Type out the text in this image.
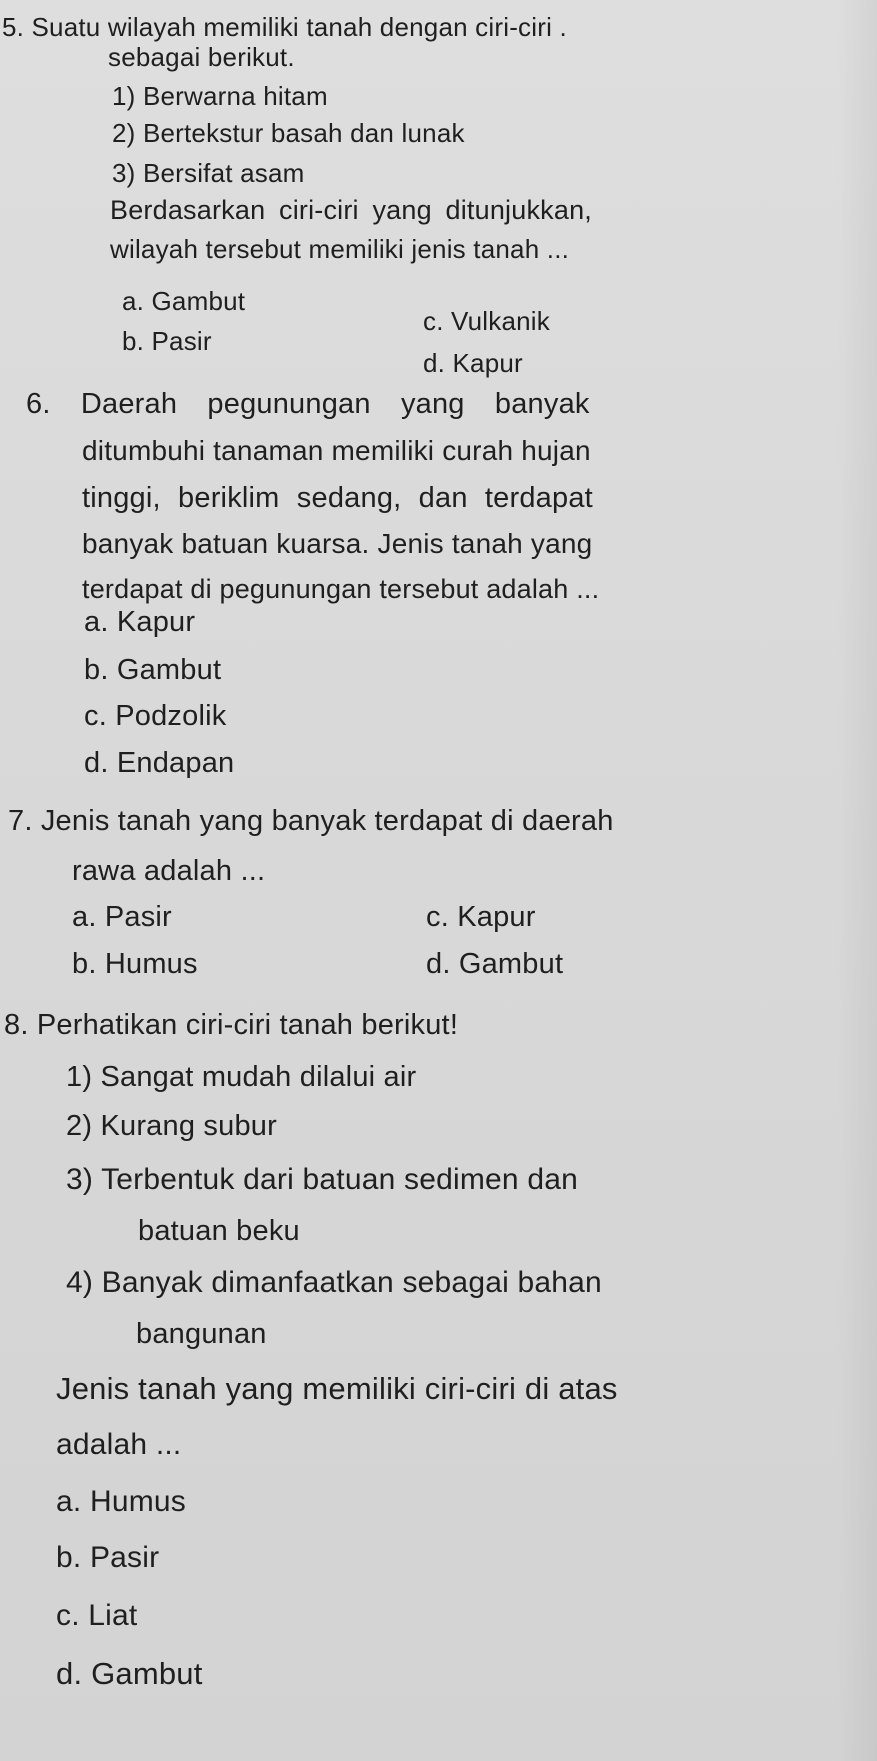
5. Suatu wilayah memiliki tanah dengan ciri-ciri .
sebagai berikut.
1) Berwarna hitam
2) Bertekstur basah dan lunak
3) Bersifat asam
Berdasarkan ciri-ciri yang ditunjukkan,
wilayah tersebut memiliki jenis tanah ...
a. Gambut
c. Vulkanik
b. Pasir
d. Kapur
6. Daerah pegunungan yang banyak
ditumbuhi tanaman memiliki curah hujan
tinggi, beriklim sedang, dan terdapat
banyak batuan kuarsa. Jenis tanah yang
terdapat di pegunungan tersebut adalah ...
a. Kapur
b. Gambut
c. Podzolik
d. Endapan
7. Jenis tanah yang banyak terdapat di daerah
rawa adalah ...
a. Pasir	c. Kapur
b. Humus	d. Gambut
8. Perhatikan ciri-ciri tanah berikut!
1) Sangat mudah dilalui air
2) Kurang subur
3) Terbentuk dari batuan sedimen dan
batuan beku
4) Banyak dimanfaatkan sebagai bahan
bangunan
Jenis tanah yang memiliki ciri-ciri di atas
adalah ...
a. Humus
b. Pasir
c. Liat
d. Gambut
